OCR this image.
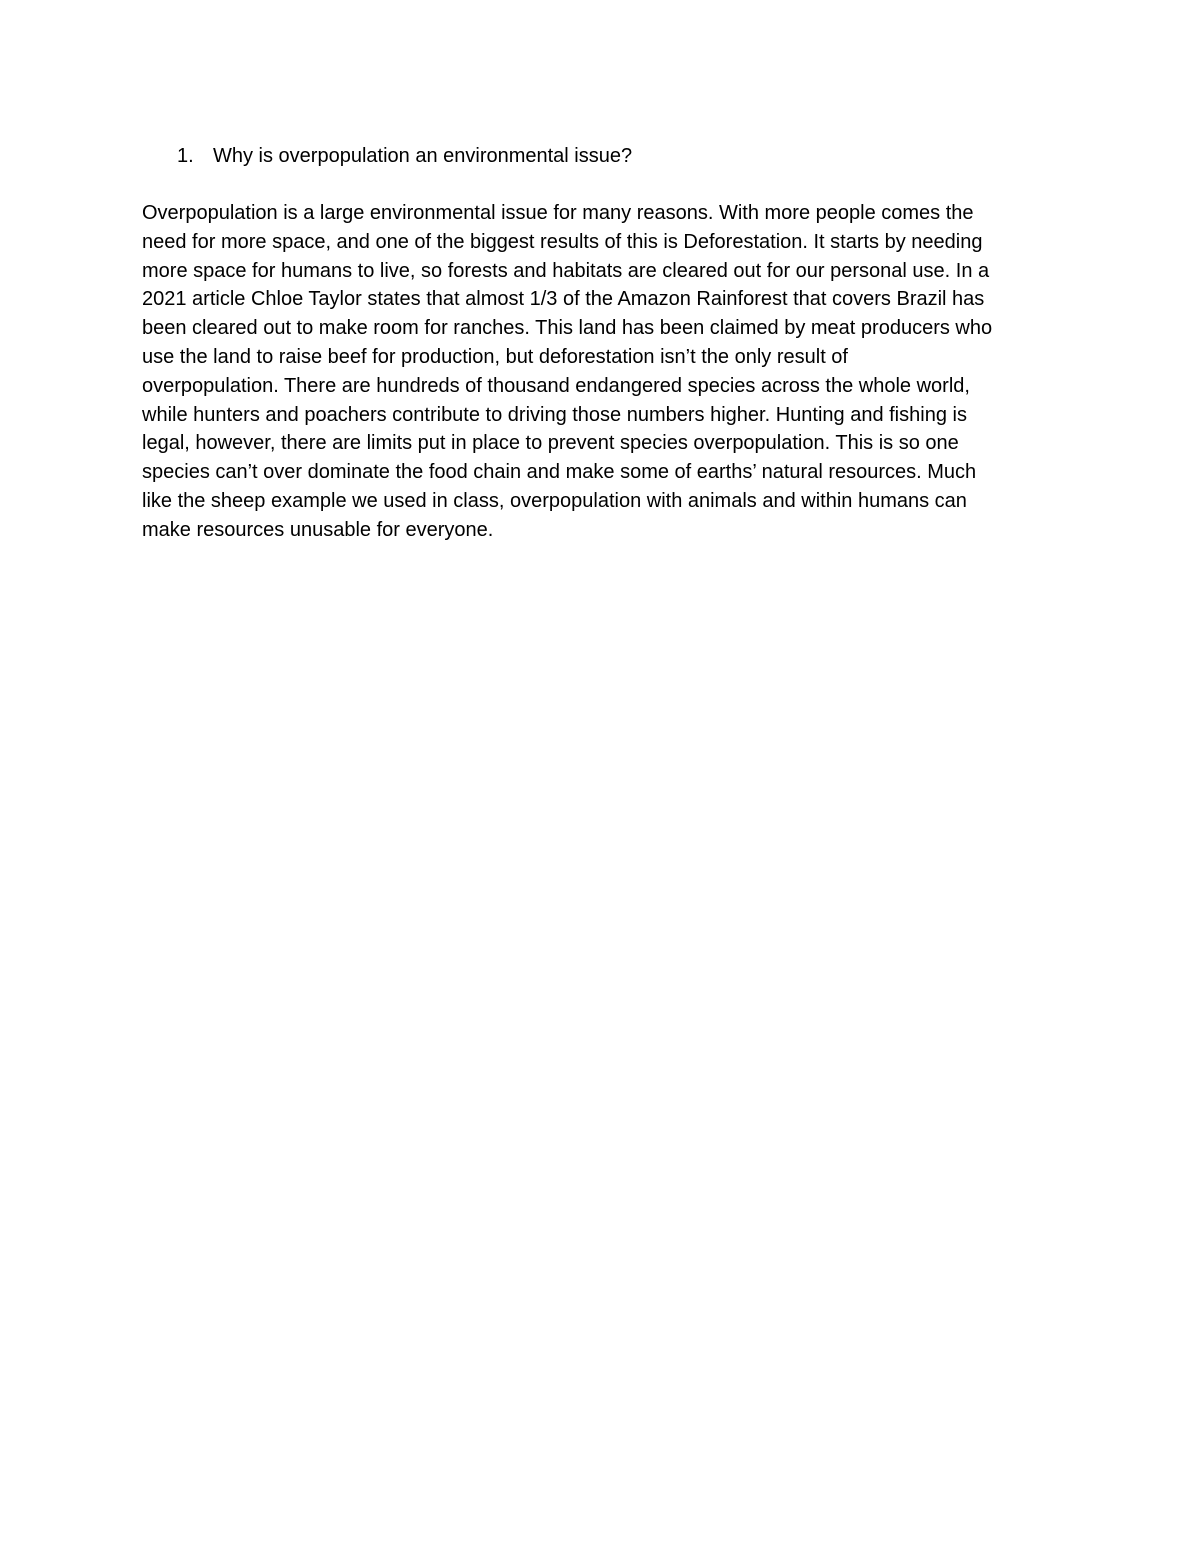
1. Why is overpopulation an environmental issue?
Overpopulation is a large environmental issue for many reasons. With more people comes the
need for more space, and one of the biggest results of this is Deforestation. It starts by needing
more space for humans to live, so forests and habitats are cleared out for our personal use. In a
2021 article Chloe Taylor states that almost 1/3 of the Amazon Rainforest that covers Brazil has
been cleared out to make room for ranches. This land has been claimed by meat producers who
use the land to raise beef for production, but deforestation isn’t the only result of
overpopulation. There are hundreds of thousand endangered species across the whole world,
while hunters and poachers contribute to driving those numbers higher. Hunting and fishing is
legal, however, there are limits put in place to prevent species overpopulation. This is so one
species can’t over dominate the food chain and make some of earths’ natural resources. Much
like the sheep example we used in class, overpopulation with animals and within humans can
make resources unusable for everyone.
